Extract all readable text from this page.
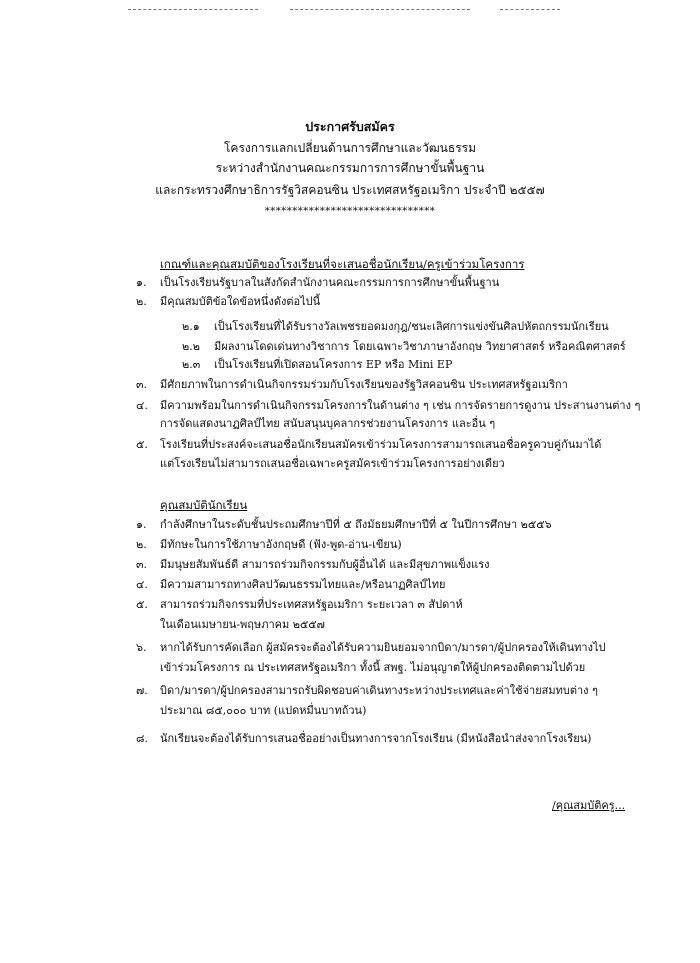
ประกาศรับสมัคร
โครงการแลกเปลี่ยนด้านการศึกษาและวัฒนธรรม
ระหว่างสำนักงานคณะกรรมการการศึกษาขั้นพื้นฐาน
และกระทรวงศึกษาธิการรัฐวิสคอนซิน ประเทศสหรัฐอเมริกา ประจำปี ๒๕๕๗
*******************************
เกณฑ์และคุณสมบัติของโรงเรียนที่จะเสนอชื่อนักเรียน/ครูเข้าร่วมโครงการ
๑. เป็นโรงเรียนรัฐบาลในสังกัดสำนักงานคณะกรรมการการศึกษาขั้นพื้นฐาน
๒. มีคุณสมบัติข้อใดข้อหนึ่งดังต่อไปนี้
๒.๑ เป็นโรงเรียนที่ได้รับรางวัลเพชรยอดมงกุฎ/ชนะเลิศการแข่งขันศิลปหัตถกรรมนักเรียน
๒.๒ มีผลงานโดดเด่นทางวิชาการ โดยเฉพาะวิชาภาษาอังกฤษ วิทยาศาสตร์ หรือคณิตศาสตร์
๒.๓ เป็นโรงเรียนที่เปิดสอนโครงการ EP หรือ Mini EP
๓. มีศักยภาพในการดำเนินกิจกรรมร่วมกับโรงเรียนของรัฐวิสคอนซิน ประเทศสหรัฐอเมริกา
๔. มีความพร้อมในการดำเนินกิจกรรมโครงการในด้านต่าง ๆ เช่น การจัดรายการดูงาน ประสานงานต่าง ๆ
การจัดแสดงนาฏศิลป์ไทย สนับสนุนบุคลากรช่วยงานโครงการ และอื่น ๆ
๕. โรงเรียนที่ประสงค์จะเสนอชื่อนักเรียนสมัครเข้าร่วมโครงการสามารถเสนอชื่อครูควบคู่กันมาได้
แต่โรงเรียนไม่สามารถเสนอชื่อเฉพาะครูสมัครเข้าร่วมโครงการอย่างเดียว
คุณสมบัตินักเรียน
๑. กำลังศึกษาในระดับชั้นประถมศึกษาปีที่ ๕ ถึงมัธยมศึกษาปีที่ ๕ ในปีการศึกษา ๒๕๕๖
๒. มีทักษะในการใช้ภาษาอังกฤษดี (ฟัง-พูด-อ่าน-เขียน)
๓. มีมนุษยสัมพันธ์ดี สามารถร่วมกิจกรรมกับผู้อื่นได้ และมีสุขภาพแข็งแรง
๔. มีความสามารถทางศิลปวัฒนธรรมไทยและ/หรือนาฏศิลป์ไทย
๕. สามารถร่วมกิจกรรมที่ประเทศสหรัฐอเมริกา ระยะเวลา ๓ สัปดาห์
ในเดือนเมษายน-พฤษภาคม ๒๕๕๗
๖. หากได้รับการคัดเลือก ผู้สมัครจะต้องได้รับความยินยอมจากบิดา/มารดา/ผู้ปกครองให้เดินทางไป
เข้าร่วมโครงการ ณ ประเทศสหรัฐอเมริกา ทั้งนี้ สพฐ. ไม่อนุญาตให้ผู้ปกครองติดตามไปด้วย
๗. บิดา/มารดา/ผู้ปกครองสามารถรับผิดชอบค่าเดินทางระหว่างประเทศและค่าใช้จ่ายสมทบต่าง ๆ
ประมาณ ๘๕,๐๐๐ บาท (แปดหมื่นบาทถ้วน)
๘. นักเรียนจะต้องได้รับการเสนอชื่ออย่างเป็นทางการจากโรงเรียน (มีหนังสือนำส่งจากโรงเรียน)
/คุณสมบัติครู...
